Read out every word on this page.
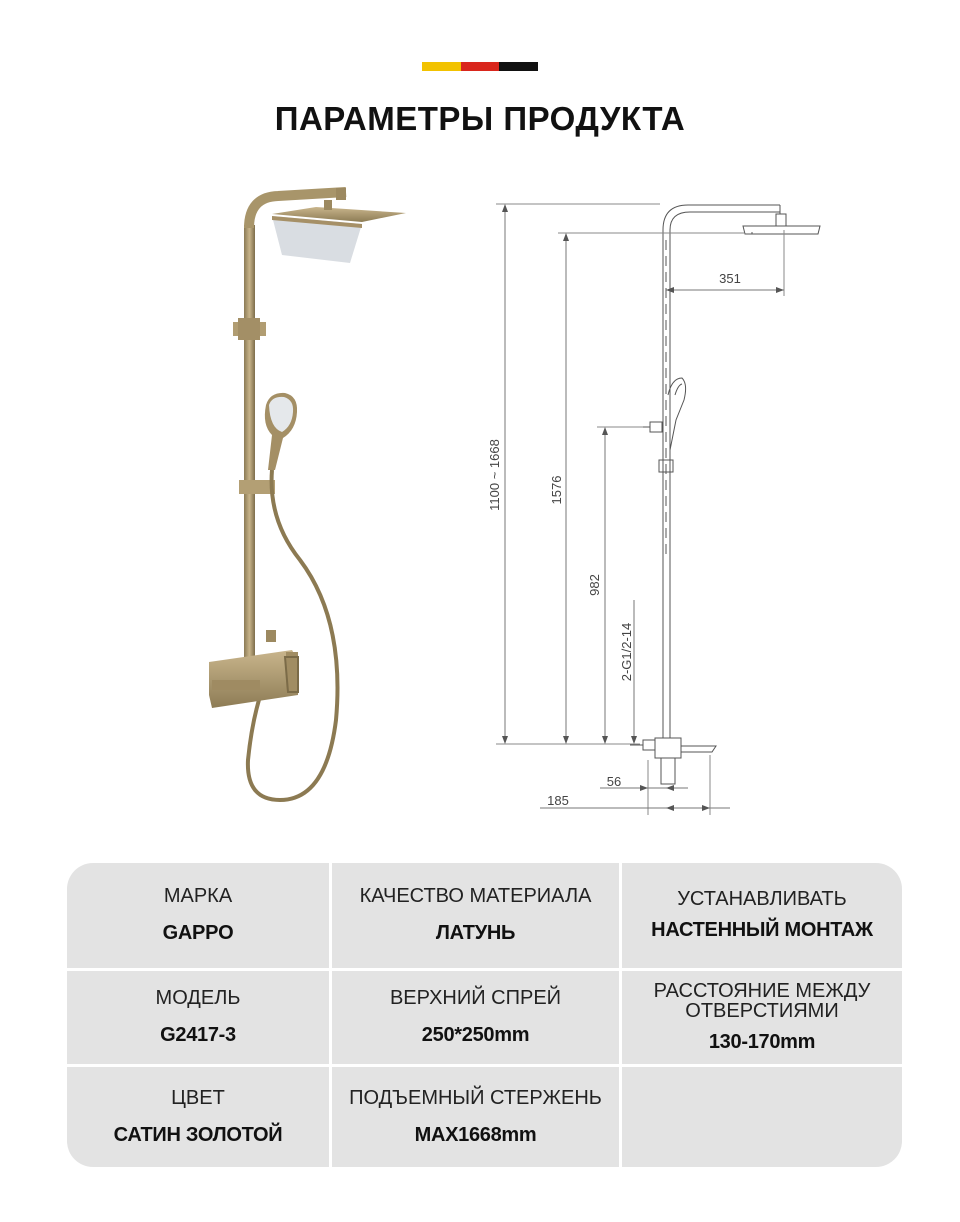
ПАРАМЕТРЫ ПРОДУКТА
1100 ~ 1668	1576
982
2-G1/2-14
351
56
185
МАРКА
GAPPO
КАЧЕСТВО МАТЕРИАЛА
ЛАТУНЬ
УСТАНАВЛИВАТЬ
НАСТЕННЫЙ МОНТАЖ
МОДЕЛЬ
G2417-3
ВЕРХНИЙ СПРЕЙ
250*250mm
РАССТОЯНИЕ МЕЖДУ ОТВЕРСТИЯМИ
130-170mm
ЦВЕТ
САТИН ЗОЛОТОЙ
ПОДЪЕМНЫЙ СТЕРЖЕНЬ
MAX1668mm
